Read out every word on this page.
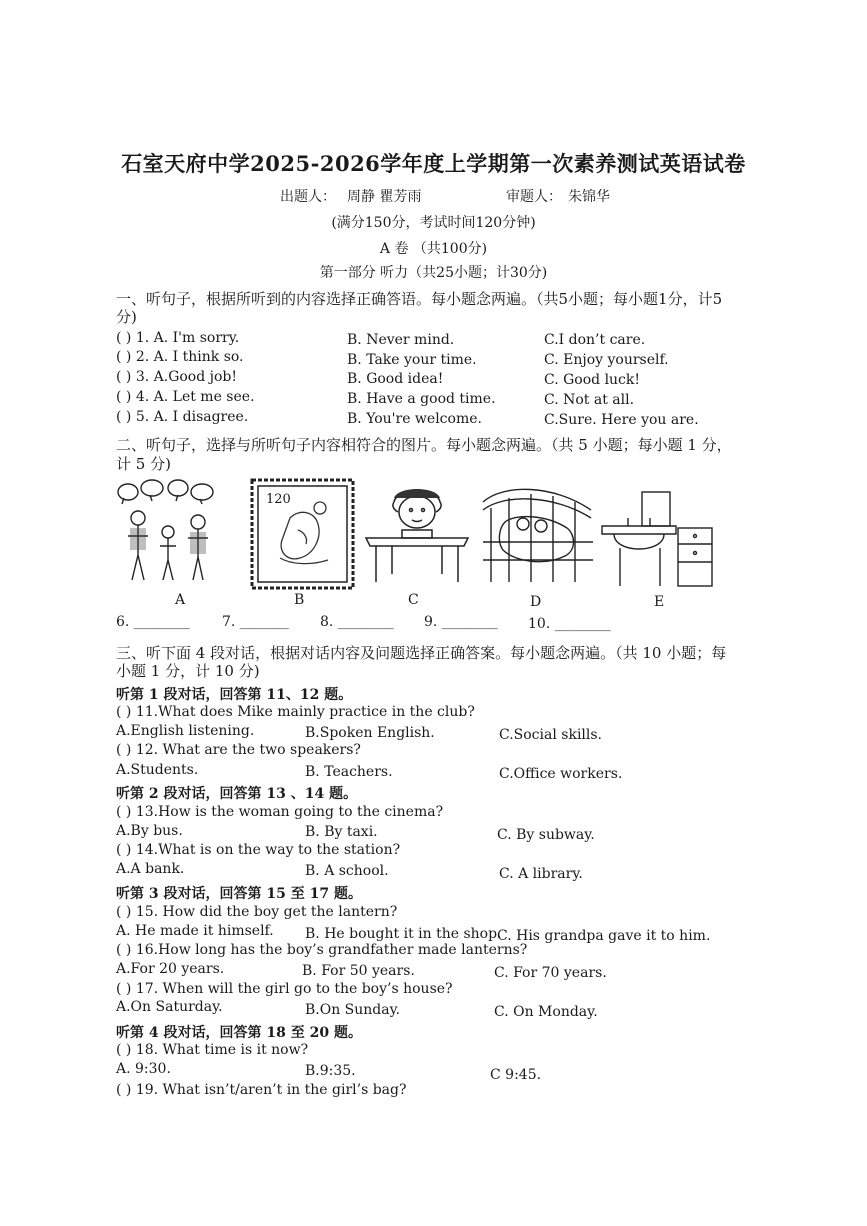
石室天府中学2025-2026学年度上学期第一次素养测试英语试卷
出题人： 周静 瞿芳雨	审题人： 朱锦华
(满分150分，考试时间120分钟)
A 卷 （共100分)
第一部分 听力（共25小题；计30分)
一、听句子，根据所听到的内容选择正确答语。每小题念两遍。（共5小题；每小题1分，计5
分)
( ) 1. A. I'm sorry.	B. Never mind.	C.I don’t care.
( ) 2. A. I think so.	B. Take your time.	C. Enjoy yourself.
( ) 3. A.Good job!	B. Good idea!	C. Good luck!
( ) 4. A. Let me see.	B. Have a good time.	C. Not at all.
( ) 5. A. I disagree.	B. You're welcome.	C.Sure. Here you are.
二、听句子，选择与所听句子内容相符合的图片。每小题念两遍。（共 5 小题；每小题 1 分，
计 5 分)
A
120
B	C	D	E
6. ________ 7. _______ 8. ________ 9. ________ 10. ________
三、听下面 4 段对话，根据对话内容及问题选择正确答案。每小题念两遍。（共 10 小题；每
小题 1 分，计 10 分)
听第 1 段对话，回答第 11、12 题。
( ) 11.What does Mike mainly practice in the club?
A.English listening.	B.Spoken English.	C.Social skills.
( ) 12. What are the two speakers?
A.Students.	B. Teachers.	C.Office workers.
听第 2 段对话，回答第 13 、14 题。
( ) 13.How is the woman going to the cinema?
A.By bus.	B. By taxi.	C. By subway.
( ) 14.What is on the way to the station?
A.A bank.	B. A school.	C. A library.
听第 3 段对话，回答第 15 至 17 题。
( ) 15. How did the boy get the lantern?
A. He made it himself. B. He bought it in the shop.
C. His grandpa gave it to him.
( ) 16.How long has the boy’s grandfather made lanterns?
A.For 20 years.	B. For 50 years.	C. For 70 years.
( ) 17. When will the girl go to the boy’s house?
A.On Saturday.	B.On Sunday.	C. On Monday.
听第 4 段对话，回答第 18 至 20 题。
( ) 18. What time is it now?
A. 9:30.	B.9:35.	C 9:45.
( ) 19. What isn’t/aren’t in the girl’s bag?
